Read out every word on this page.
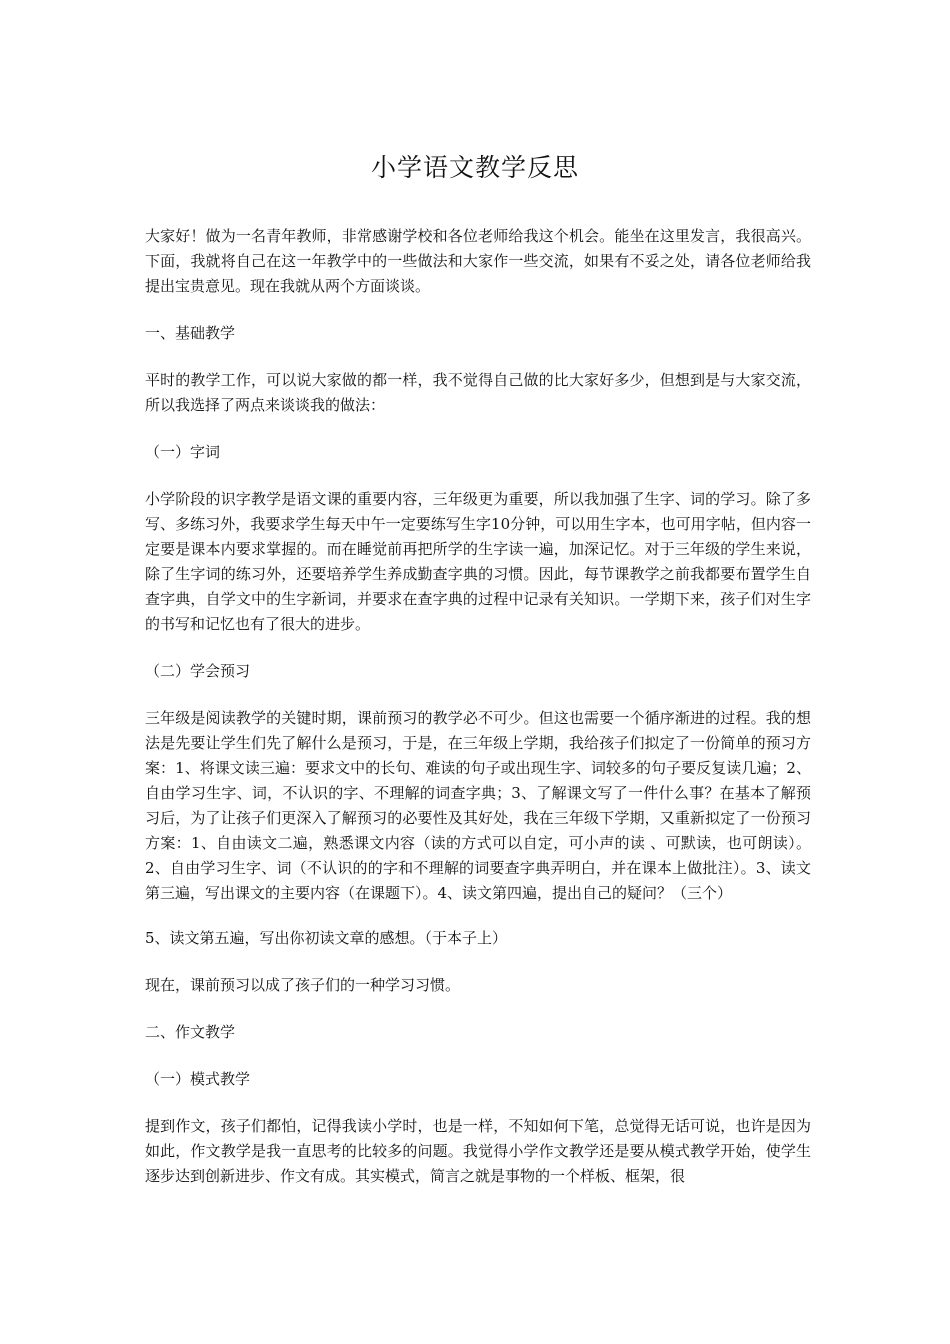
小学语文教学反思

大家好！做为一名青年教师，非常感谢学校和各位老师给我这个机会。能坐在这里发言，我很高兴。下面，我就将自己在这一年教学中的一些做法和大家作一些交流，如果有不妥之处，请各位老师给我提出宝贵意见。现在我就从两个方面谈谈。

一、基础教学

平时的教学工作，可以说大家做的都一样，我不觉得自己做的比大家好多少，但想到是与大家交流，所以我选择了两点来谈谈我的做法：

（一）字词

小学阶段的识字教学是语文课的重要内容，三年级更为重要，所以我加强了生字、词的学习。除了多写、多练习外，我要求学生每天中午一定要练写生字10分钟，可以用生字本，也可用字帖，但内容一定要是课本内要求掌握的。而在睡觉前再把所学的生字读一遍，加深记忆。对于三年级的学生来说，除了生字词的练习外，还要培养学生养成勤查字典的习惯。因此，每节课教学之前我都要布置学生自查字典，自学文中的生字新词，并要求在查字典的过程中记录有关知识。一学期下来，孩子们对生字的书写和记忆也有了很大的进步。

（二）学会预习

三年级是阅读教学的关键时期，课前预习的教学必不可少。但这也需要一个循序渐进的过程。我的想法是先要让学生们先了解什么是预习，于是，在三年级上学期，我给孩子们拟定了一份简单的预习方案：1、将课文读三遍：要求文中的长句、难读的句子或出现生字、词较多的句子要反复读几遍；2、自由学习生字、词，不认识的字、不理解的词查字典；3、了解课文写了一件什么事？在基本了解预习后，为了让孩子们更深入了解预习的必要性及其好处，我在三年级下学期，又重新拟定了一份预习方案：1、自由读文二遍，熟悉课文内容（读的方式可以自定，可小声的读 、可默读，也可朗读）。2、自由学习生字、词（不认识的的字和不理解的词要查字典弄明白，并在课本上做批注）。3、读文第三遍，写出课文的主要内容（在课题下）。4、读文第四遍，提出自己的疑问？（三个）

5、读文第五遍，写出你初读文章的感想。（于本子上）

现在，课前预习以成了孩子们的一种学习习惯。

二、作文教学

（一）模式教学

提到作文，孩子们都怕，记得我读小学时，也是一样，不知如何下笔，总觉得无话可说，也许是因为如此，作文教学是我一直思考的比较多的问题。我觉得小学作文教学还是要从模式教学开始，使学生逐步达到创新进步、作文有成。其实模式，简言之就是事物的一个样板、框架，很
